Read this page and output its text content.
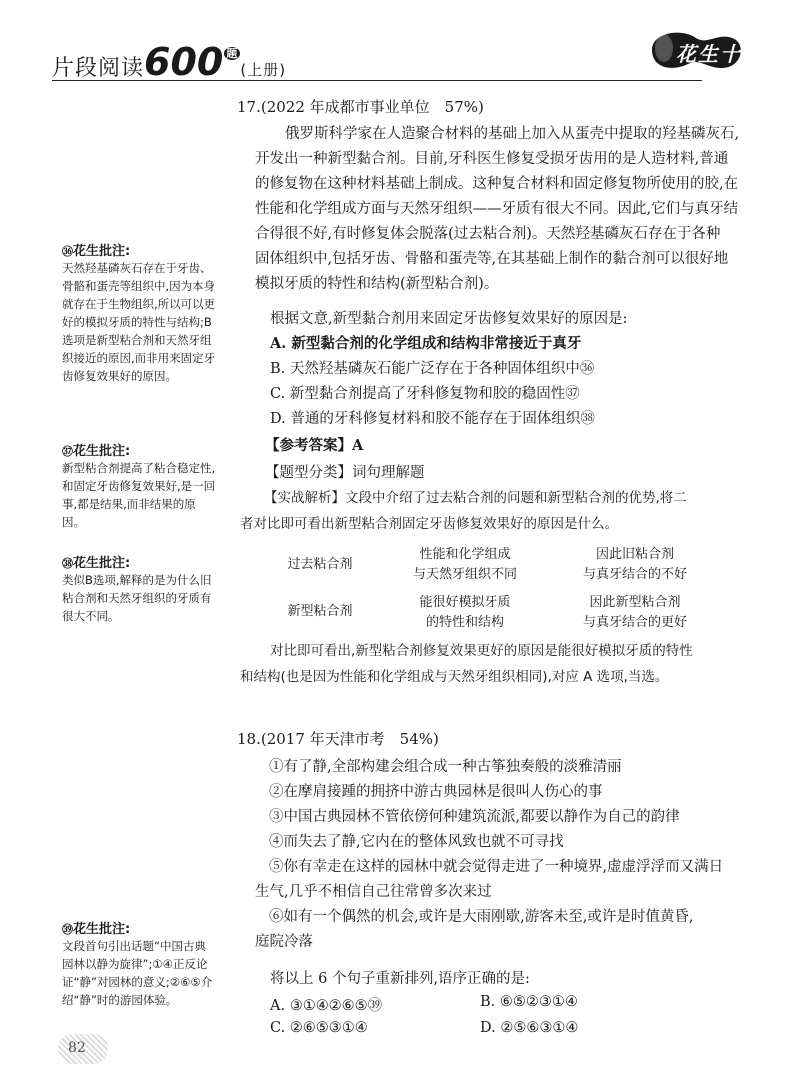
片段阅读600 $^题$(上册)
花生十三
17.(2022 年成都市事业单位　57%)
俄罗斯科学家在人造聚合材料的基础上加入从蛋壳中提取的羟基磷灰石,
开发出一种新型黏合剂。目前,牙科医生修复受损牙齿用的是人造材料,普通
的修复物在这种材料基础上制成。这种复合材料和固定修复物所使用的胶,在
性能和化学组成方面与天然牙组织——牙质有很大不同。因此,它们与真牙结
合得很不好,有时修复体会脱落(过去粘合剂)。天然羟基磷灰石存在于各种
固体组织中,包括牙齿、骨骼和蛋壳等,在其基础上制作的黏合剂可以很好地
模拟牙质的特性和结构(新型粘合剂)。
根据文意,新型黏合剂用来固定牙齿修复效果好的原因是:
A. 新型黏合剂的化学组成和结构非常接近于真牙
B. 天然羟基磷灰石能广泛存在于各种固体组织中㊱
C. 新型黏合剂提高了牙科修复物和胶的稳固性㊲
D. 普通的牙科修复材料和胶不能存在于固体组织㊳
【参考答案】A
【题型分类】词句理解题
【实战解析】文段中介绍了过去粘合剂的问题和新型粘合剂的优势,将二
者对比即可看出新型粘合剂固定牙齿修复效果好的原因是什么。
过去粘合剂
性能和化学组成
与天然牙组织不同
因此旧粘合剂
与真牙结合的不好
新型粘合剂
能很好模拟牙质
的特性和结构
因此新型粘合剂
与真牙结合的更好
对比即可看出,新型粘合剂修复效果更好的原因是能很好模拟牙质的特性
和结构(也是因为性能和化学组成与天然牙组织相同),对应 A 选项,当选。
18.(2017 年天津市考　54%)
①有了静,全部构建会组合成一种古筝独奏般的淡雅清丽
②在摩肩接踵的拥挤中游古典园林是很叫人伤心的事
③中国古典园林不管依傍何种建筑流派,都要以静作为自己的韵律
④而失去了静,它内在的整体风致也就不可寻找
⑤你有幸走在这样的园林中就会觉得走进了一种境界,虚虚浮浮而又满日
生气,几乎不相信自己往常曾多次来过
⑥如有一个偶然的机会,或许是大雨刚歇,游客未至,或许是时值黄昏,
庭院冷落
将以上 6 个句子重新排列,语序正确的是:
A. ③①④②⑥⑤㊴	B. ⑥⑤②③①④
C. ②⑥⑤③①④	D. ②⑤⑥③①④
㊱花生批注:
天然羟基磷灰石存在于牙齿、骨骼和蛋壳等组织中,因为本身就存在于生物组织,所以可以更好的模拟牙质的特性与结构;B选项是新型粘合剂和天然牙组织接近的原因,而非用来固定牙齿修复效果好的原因。
㊲花生批注:
新型粘合剂提高了粘合稳定性,和固定牙齿修复效果好,是一回事,都是结果,而非结果的原因。
㊳花生批注:
类似B选项,解释的是为什么旧粘合剂和天然牙组织的牙质有很大不同。
㊴花生批注:
文段首句引出话题“中国古典园林以静为旋律”;①④正反论证“静”对园林的意义;②⑥⑤介绍“静”时的游园体验。
82
